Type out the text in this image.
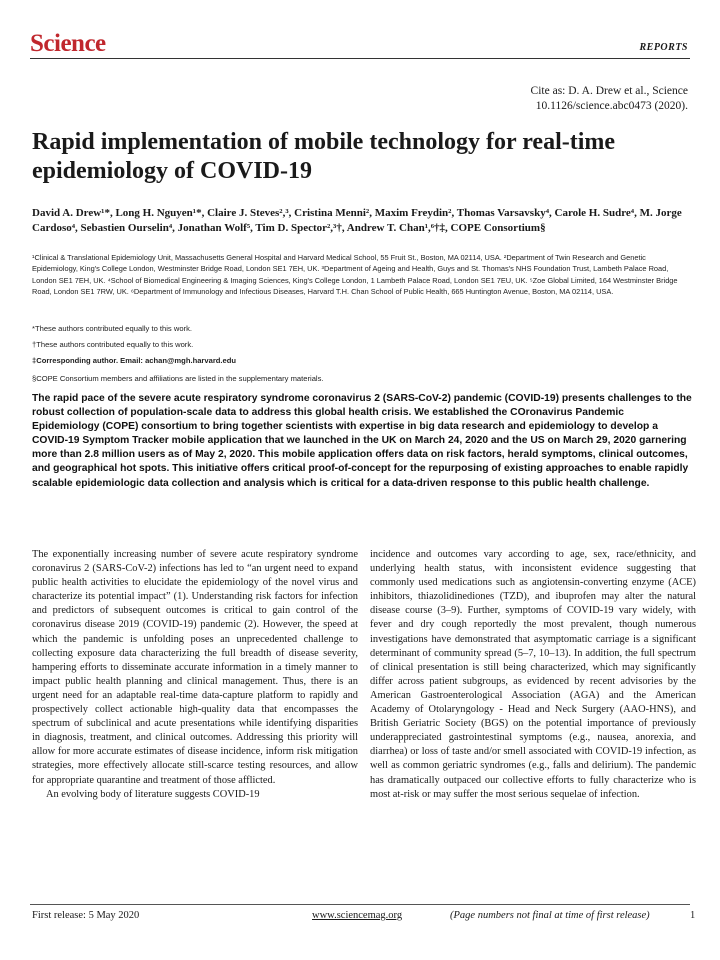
Science	REPORTS
Cite as: D. A. Drew et al., Science
10.1126/science.abc0473 (2020).
Rapid implementation of mobile technology for real-time epidemiology of COVID-19

David A. Drew¹*, Long H. Nguyen¹*, Claire J. Steves²,³, Cristina Menni², Maxim Freydin², Thomas Varsavsky⁴, Carole H. Sudre⁴, M. Jorge Cardoso⁴, Sebastien Ourselin⁴, Jonathan Wolf⁵, Tim D. Spector²,³†, Andrew T. Chan¹,⁶†‡, COPE Consortium§

¹Clinical & Translational Epidemiology Unit, Massachusetts General Hospital and Harvard Medical School, 55 Fruit St., Boston, MA 02114, USA. ²Department of Twin Research and Genetic Epidemiology, King's College London, Westminster Bridge Road, London SE1 7EH, UK. ³Department of Ageing and Health, Guys and St. Thomas's NHS Foundation Trust, Lambeth Palace Road, London SE1 7EH, UK. ⁴School of Biomedical Engineering & Imaging Sciences, King's College London, 1 Lambeth Palace Road, London SE1 7EU, UK. ⁵Zoe Global Limited, 164 Westminster Bridge Road, London SE1 7RW, UK. ⁶Department of Immunology and Infectious Diseases, Harvard T.H. Chan School of Public Health, 665 Huntington Avenue, Boston, MA 02114, USA.

*These authors contributed equally to this work.

†These authors contributed equally to this work.

‡Corresponding author. Email: achan@mgh.harvard.edu

§COPE Consortium members and affiliations are listed in the supplementary materials.

The rapid pace of the severe acute respiratory syndrome coronavirus 2 (SARS-CoV-2) pandemic (COVID-19) presents challenges to the robust collection of population-scale data to address this global health crisis. We established the COronavirus Pandemic Epidemiology (COPE) consortium to bring together scientists with expertise in big data research and epidemiology to develop a COVID-19 Symptom Tracker mobile application that we launched in the UK on March 24, 2020 and the US on March 29, 2020 garnering more than 2.8 million users as of May 2, 2020. This mobile application offers data on risk factors, herald symptoms, clinical outcomes, and geographical hot spots. This initiative offers critical proof-of-concept for the repurposing of existing approaches to enable rapidly scalable epidemiologic data collection and analysis which is critical for a data-driven response to this public health challenge.

The exponentially increasing number of severe acute respiratory syndrome coronavirus 2 (SARS-CoV-2) infections has led to “an urgent need to expand public health activities to elucidate the epidemiology of the novel virus and characterize its potential impact” (1). Understanding risk factors for infection and predictors of subsequent outcomes is critical to gain control of the coronavirus disease 2019 (COVID-19) pandemic (2). However, the speed at which the pandemic is unfolding poses an unprecedented challenge to collecting exposure data characterizing the full breadth of disease severity, hampering efforts to disseminate accurate information in a timely manner to impact public health planning and clinical management. Thus, there is an urgent need for an adaptable real-time data-capture platform to rapidly and prospectively collect actionable high-quality data that encompasses the spectrum of subclinical and acute presentations while identifying disparities in diagnosis, treatment, and clinical outcomes. Addressing this priority will allow for more accurate estimates of disease incidence, inform risk mitigation strategies, more effectively allocate still-scarce testing resources, and allow for appropriate quarantine and treatment of those afflicted.

An evolving body of literature suggests COVID-19

incidence and outcomes vary according to age, sex, race/ethnicity, and underlying health status, with inconsistent evidence suggesting that commonly used medications such as angiotensin-converting enzyme (ACE) inhibitors, thiazolidinediones (TZD), and ibuprofen may alter the natural disease course (3–9). Further, symptoms of COVID-19 vary widely, with fever and dry cough reportedly the most prevalent, though numerous investigations have demonstrated that asymptomatic carriage is a significant determinant of community spread (5–7, 10–13). In addition, the full spectrum of clinical presentation is still being characterized, which may significantly differ across patient subgroups, as evidenced by recent advisories by the American Gastroenterological Association (AGA) and the American Academy of Otolaryngology - Head and Neck Surgery (AAO-HNS), and British Geriatric Society (BGS) on the potential importance of previously underappreciated gastrointestinal symptoms (e.g., nausea, anorexia, and diarrhea) or loss of taste and/or smell associated with COVID-19 infection, as well as common geriatric syndromes (e.g., falls and delirium). The pandemic has dramatically outpaced our collective efforts to fully characterize who is most at-risk or may suffer the most serious sequelae of infection.

First release: 5 May 2020	www.sciencemag.org	(Page numbers not final at time of first release)	1
